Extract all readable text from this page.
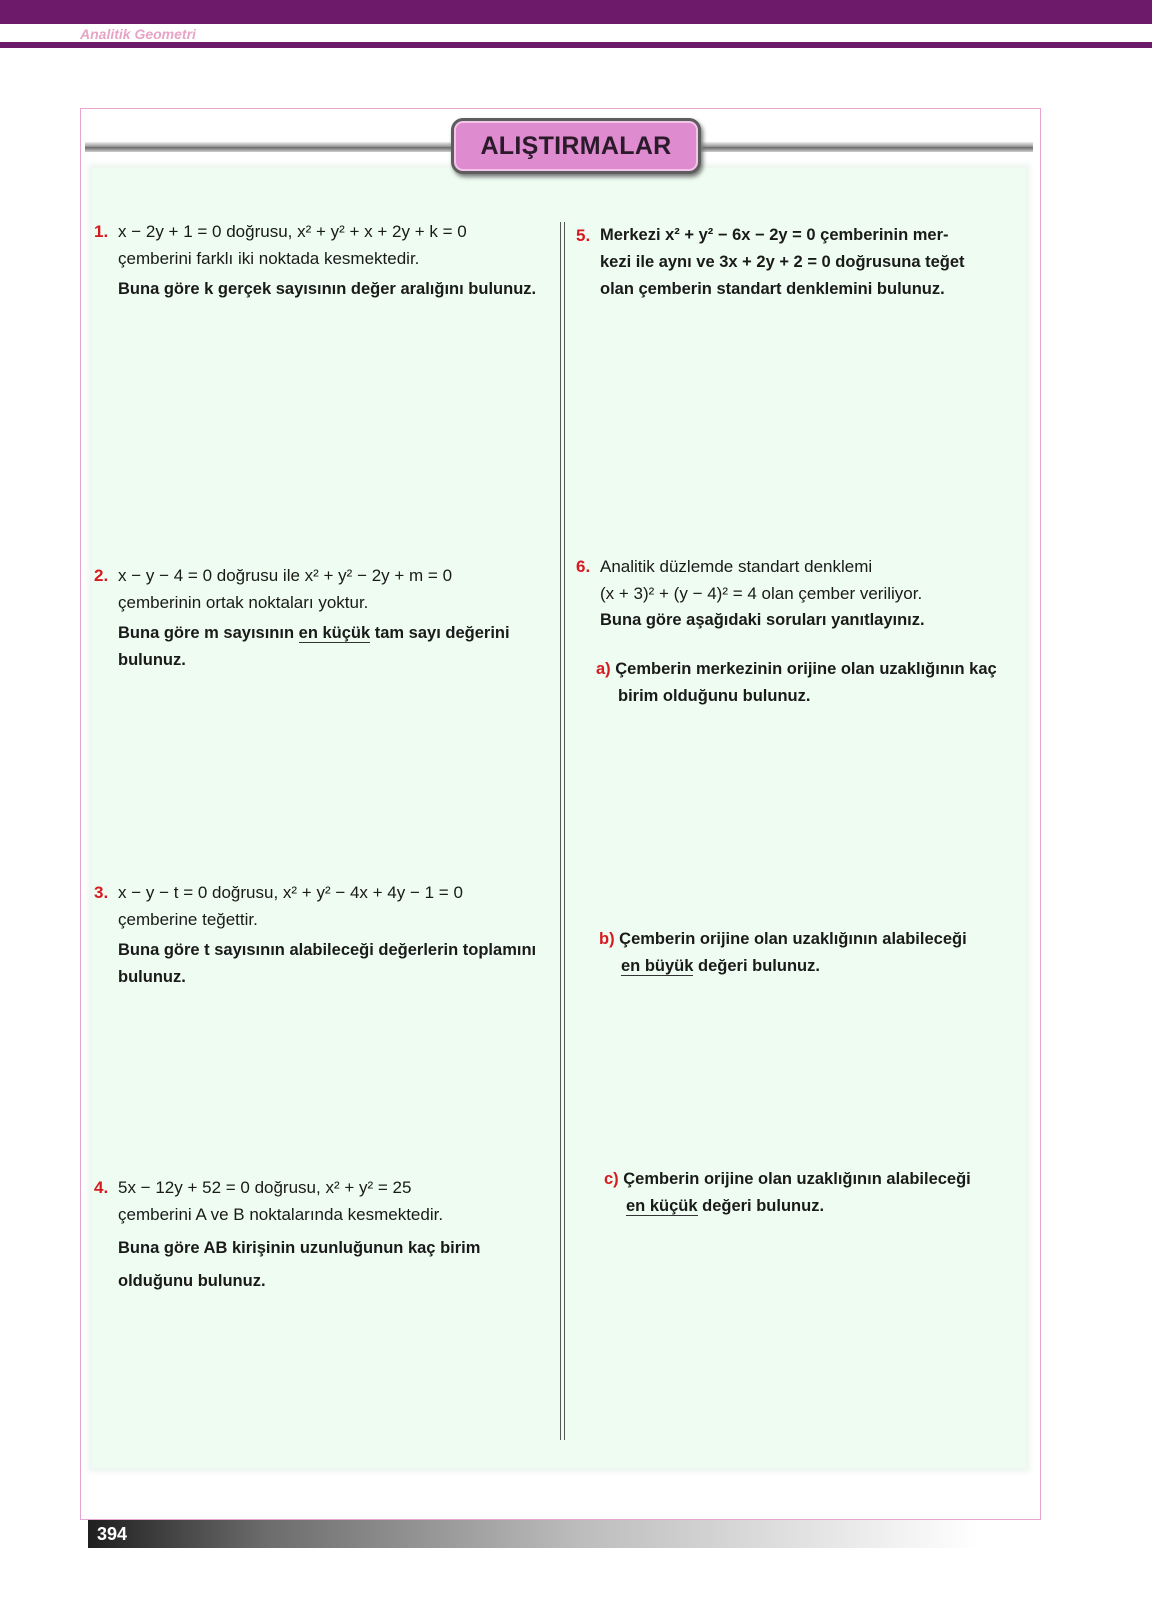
Analitik Geometri
ALIŞTIRMALAR
1. x − 2y + 1 = 0 doğrusu, x² + y² + x + 2y + k = 0

çemberini farklı iki noktada kesmektedir.

Buna göre k gerçek sayısının değer aralığını bulunuz.

2. x − y − 4 = 0 doğrusu ile x² + y² − 2y + m = 0

çemberinin ortak noktaları yoktur.

Buna göre m sayısının en küçük tam sayı değerini bulunuz.

3. x − y − t = 0 doğrusu, x² + y² − 4x + 4y − 1 = 0

çemberine teğettir.

Buna göre t sayısının alabileceği değerlerin toplamını bulunuz.

4. 5x − 12y + 52 = 0 doğrusu, x² + y² = 25

çemberini A ve B noktalarında kesmektedir.

Buna göre AB kirişinin uzunluğunun kaç birim

olduğunu bulunuz.

5. Merkezi x² + y² − 6x − 2y = 0 çemberinin mer-

kezi ile aynı ve 3x + 2y + 2 = 0 doğrusuna teğet

olan çemberin standart denklemini bulunuz.

6. Analitik düzlemde standart denklemi

(x + 3)² + (y − 4)² = 4 olan çember veriliyor.

Buna göre aşağıdaki soruları yanıtlayınız.

a) Çemberin merkezinin orijine olan uzaklığının kaç

birim olduğunu bulunuz.

b) Çemberin orijine olan uzaklığının alabileceği

en büyük değeri bulunuz.

c) Çemberin orijine olan uzaklığının alabileceği

en küçük değeri bulunuz.

394
